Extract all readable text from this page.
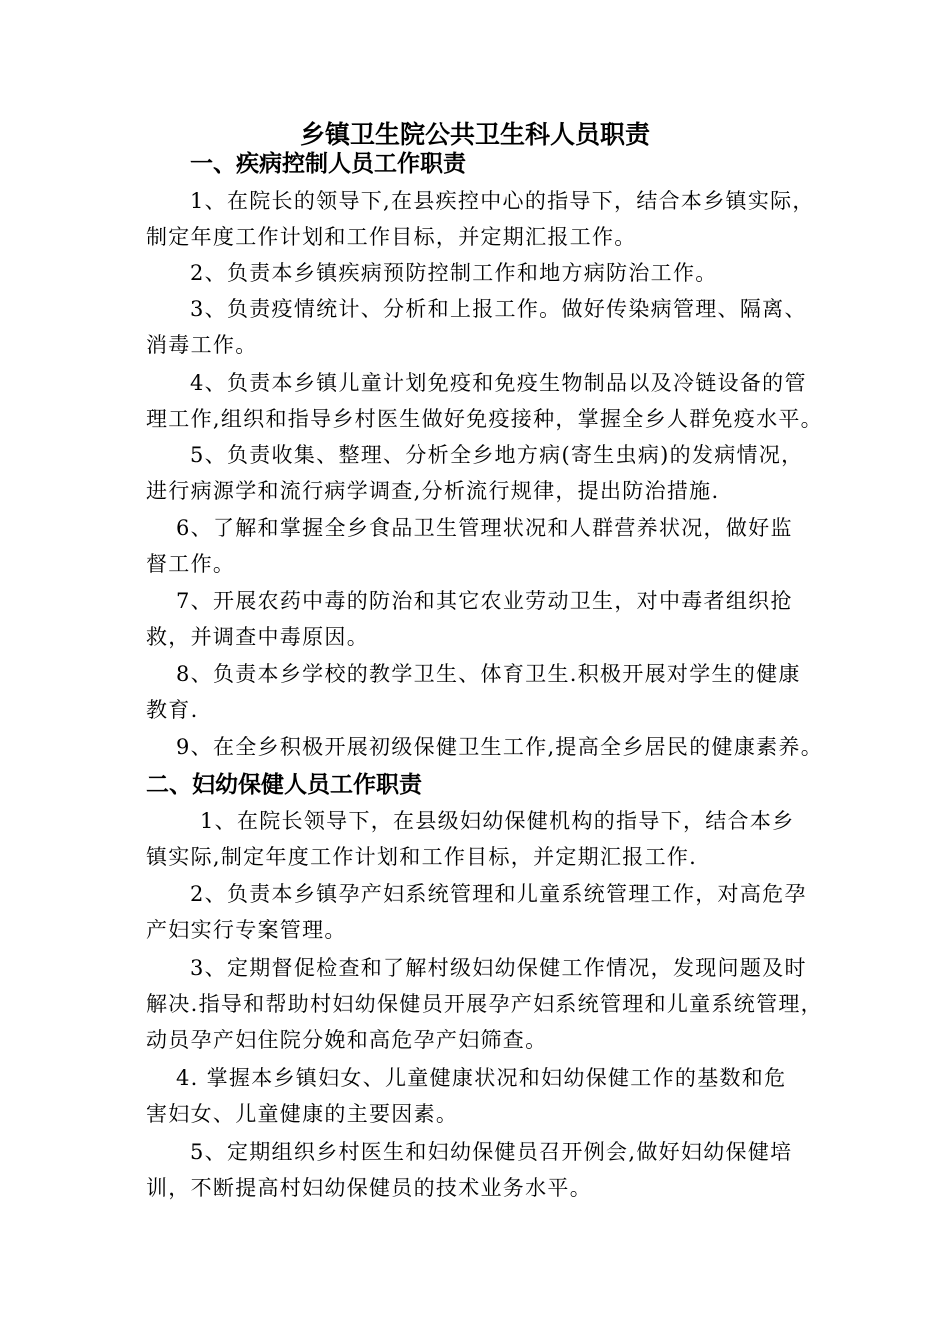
乡镇卫生院公共卫生科人员职责
一、疾病控制人员工作职责
1、在院长的领导下,在县疾控中心的指导下，结合本乡镇实际，
制定年度工作计划和工作目标，并定期汇报工作。
2、负责本乡镇疾病预防控制工作和地方病防治工作。
3、负责疫情统计、分析和上报工作。做好传染病管理、隔离、
消毒工作。
4、负责本乡镇儿童计划免疫和免疫生物制品以及冷链设备的管
理工作,组织和指导乡村医生做好免疫接种，掌握全乡人群免疫水平。
5、负责收集、整理、分析全乡地方病(寄生虫病)的发病情况，
进行病源学和流行病学调查,分析流行规律，提出防治措施.
6、了解和掌握全乡食品卫生管理状况和人群营养状况，做好监
督工作。
7、开展农药中毒的防治和其它农业劳动卫生，对中毒者组织抢
救，并调查中毒原因。
8、负责本乡学校的教学卫生、体育卫生.积极开展对学生的健康
教育.
9、在全乡积极开展初级保健卫生工作,提高全乡居民的健康素养。
二、妇幼保健人员工作职责
1、在院长领导下，在县级妇幼保健机构的指导下，结合本乡
镇实际,制定年度工作计划和工作目标，并定期汇报工作.
2、负责本乡镇孕产妇系统管理和儿童系统管理工作，对高危孕
产妇实行专案管理。
3、定期督促检查和了解村级妇幼保健工作情况，发现问题及时
解决.指导和帮助村妇幼保健员开展孕产妇系统管理和儿童系统管理，
动员孕产妇住院分娩和高危孕产妇筛查。
4. 掌握本乡镇妇女、儿童健康状况和妇幼保健工作的基数和危
害妇女、儿童健康的主要因素。
5、定期组织乡村医生和妇幼保健员召开例会,做好妇幼保健培
训，不断提高村妇幼保健员的技术业务水平。
